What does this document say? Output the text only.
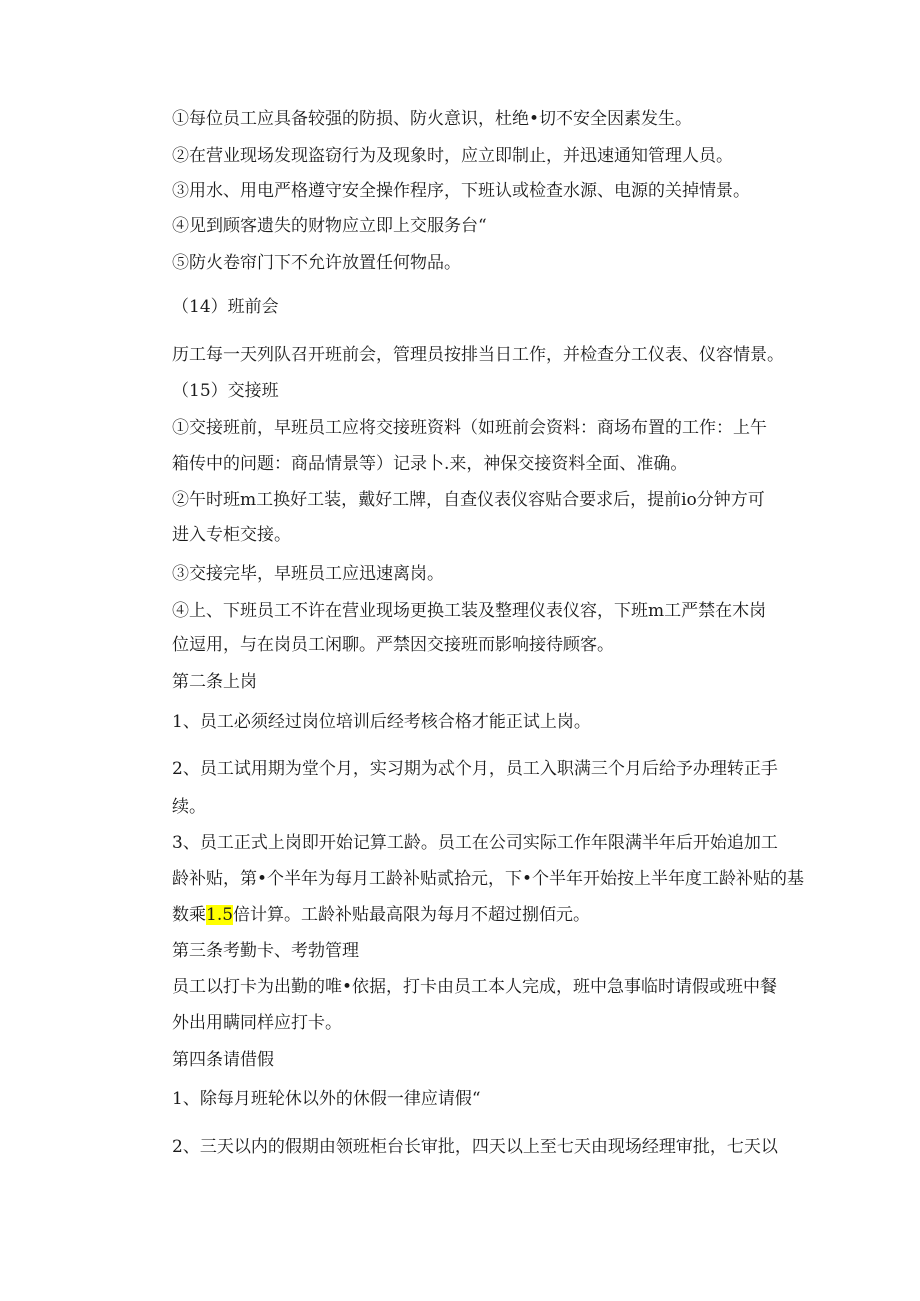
①每位员工应具备较强的防损、防火意识，杜绝•切不安全因素发生。
②在营业现场发现盗窃行为及现象时，应立即制止，并迅速通知管理人员。
③用水、用电严格遵守安全操作程序，下班认或检查水源、电源的关掉情景。
④见到顾客遗失的财物应立即上交服务台“
⑤防火卷帘门下不允许放置任何物品。
（14）班前会
历工每一天列队召开班前会，管理员按排当日工作，并检查分工仪表、仪容情景。
（15）交接班
①交接班前，早班员工应将交接班资料（如班前会资料：商场布置的工作：上午
箱传中的问题：商品情景等）记录卜.来，神保交接资料全面、准确。
②午时班m工换好工装，戴好工牌，自查仪表仪容贴合要求后，提前io分钟方可
进入专柜交接。
③交接完毕，早班员工应迅速离岗。
④上、下班员工不许在营业现场更换工装及整理仪表仪容，下班m工严禁在木岗
位逗用，与在岗员工闲聊。严禁因交接班而影响接待顾客。
第二条上岗
1、员工必须经过岗位培训后经考核合格才能正试上岗。
2、员工试用期为堂个月，实习期为忒个月，员工入职满三个月后给予办理转正手
续。
3、员工正式上岗即开始记算工龄。员工在公司实际工作年限满半年后开始追加工
龄补贴，第•个半年为每月工龄补贴贰拾元，下•个半年开始按上半年度工龄补贴的基
数乘1.5倍计算。工龄补贴最高限为每月不超过捌佰元。
第三条考勤卡、考勃管理
员工以打卡为出勤的唯•依据，打卡由员工本人完成，班中急事临时请假或班中餐
外出用瞒同样应打卡。
第四条请借假
1、除每月班轮休以外的休假一律应请假“
2、三天以内的假期由领班柜台长审批，四天以上至七天由现场经理审批，七天以
